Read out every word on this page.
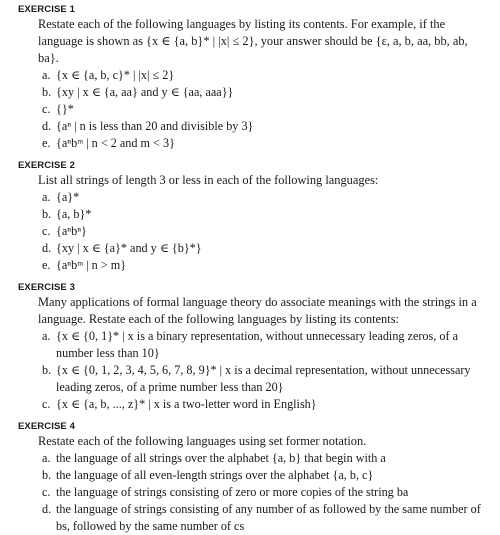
EXERCISE 1
Restate each of the following languages by listing its contents. For example, if the language is shown as {x ∈ {a, b}* | |x| ≤ 2}, your answer should be {ε, a, b, aa, bb, ab, ba}.
a. {x ∈ {a, b, c}* | |x| ≤ 2}
b. {xy | x ∈ {a, aa} and y ∈ {aa, aaa}}
c. {}*
d. {aⁿ | n is less than 20 and divisible by 3}
e. {aⁿbᵐ | n < 2 and m < 3}
EXERCISE 2
List all strings of length 3 or less in each of the following languages:
a. {a}*
b. {a, b}*
c. {aⁿbⁿ}
d. {xy | x ∈ {a}* and y ∈ {b}*}
e. {aⁿbᵐ | n > m}
EXERCISE 3
Many applications of formal language theory do associate meanings with the strings in a language. Restate each of the following languages by listing its contents:
a. {x ∈ {0, 1}* | x is a binary representation, without unnecessary leading zeros, of a number less than 10}
b. {x ∈ {0, 1, 2, 3, 4, 5, 6, 7, 8, 9}* | x is a decimal representation, without unnecessary leading zeros, of a prime number less than 20}
c. {x ∈ {a, b, ..., z}* | x is a two-letter word in English}
EXERCISE 4
Restate each of the following languages using set former notation.
a. the language of all strings over the alphabet {a, b} that begin with a
b. the language of all even-length strings over the alphabet {a, b, c}
c. the language of strings consisting of zero or more copies of the string ba
d. the language of strings consisting of any number of as followed by the same number of bs, followed by the same number of cs
